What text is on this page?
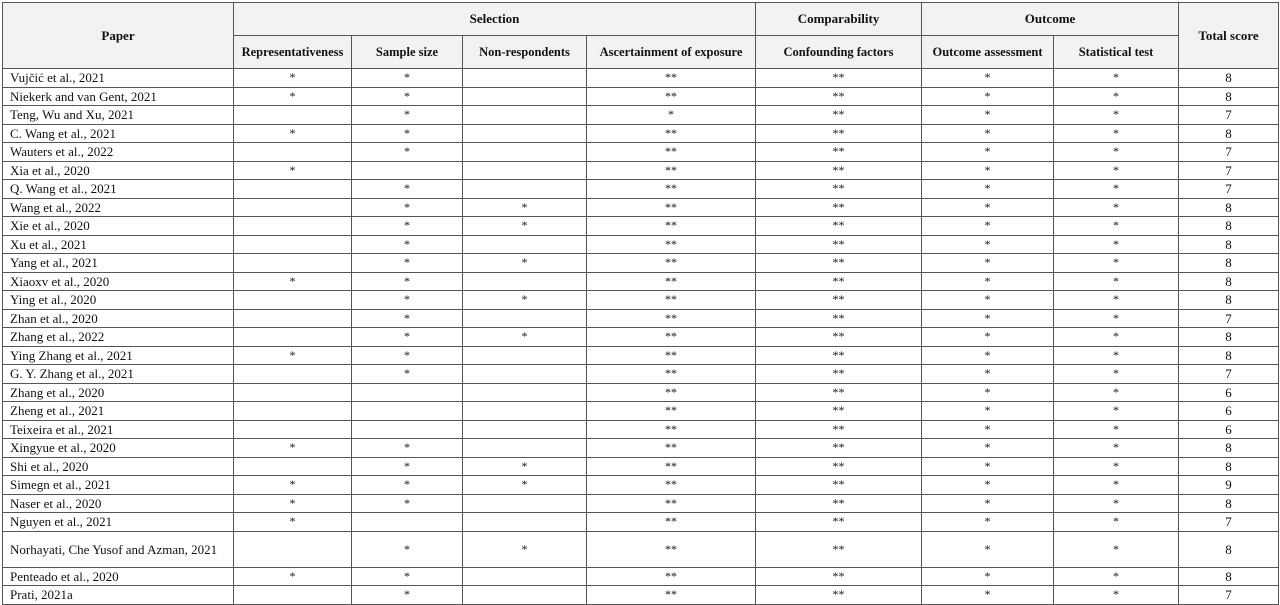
Paper	Selection				Comparability	Outcome		Total score
	Representativeness	Sample size	Non-respondents	Ascertainment of exposure	Confounding factors	Outcome assessment	Statistical test	
Vujčić et al., 2021	*	*		**	**	*	*	8
Niekerk and van Gent, 2021	*	*		**	**	*	*	8
Teng, Wu and Xu, 2021		*		*	**	*	*	7
C. Wang et al., 2021	*	*		**	**	*	*	8
Wauters et al., 2022		*		**	**	*	*	7
Xia et al., 2020	*			**	**	*	*	7
Q. Wang et al., 2021		*		**	**	*	*	7
Wang et al., 2022		*	*	**	**	*	*	8
Xie et al., 2020		*	*	**	**	*	*	8
Xu et al., 2021		*		**	**	*	*	8
Yang et al., 2021		*	*	**	**	*	*	8
Xiaoxv et al., 2020	*	*		**	**	*	*	8
Ying et al., 2020		*	*	**	**	*	*	8
Zhan et al., 2020		*		**	**	*	*	7
Zhang et al., 2022		*	*	**	**	*	*	8
Ying Zhang et al., 2021	*	*		**	**	*	*	8
G. Y. Zhang et al., 2021		*		**	**	*	*	7
Zhang et al., 2020				**	**	*	*	6
Zheng et al., 2021				**	**	*	*	6
Teixeira et al., 2021				**	**	*	*	6
Xingyue et al., 2020	*	*		**	**	*	*	8
Shi et al., 2020		*	*	**	**	*	*	8
Simegn et al., 2021	*	*	*	**	**	*	*	9
Naser et al., 2020	*	*		**	**	*	*	8
Nguyen et al., 2021	*			**	**	*	*	7
Norhayati, Che Yusof and Azman, 2021		*	*	**	**	*	*	8
Penteado et al., 2020	*	*		**	**	*	*	8
Prati, 2021a		*		**	**	*	*	7
